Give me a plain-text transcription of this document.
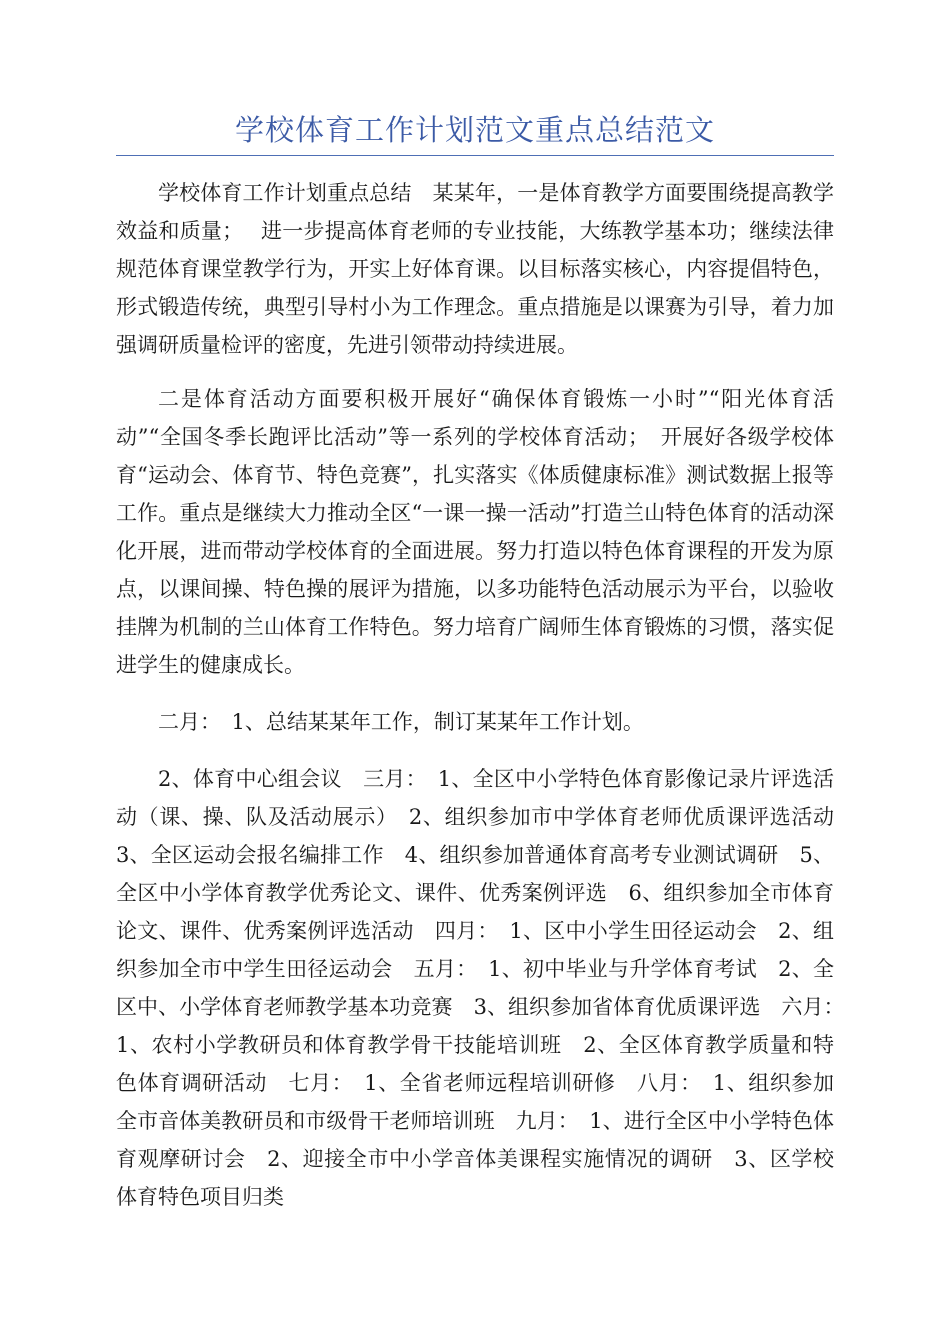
学校体育工作计划范文重点总结范文

学校体育工作计划重点总结　某某年，一是体育教学方面要围绕提高教学效益和质量；　 进一步提高体育老师的专业技能，大练教学基本功；继续法律规范体育课堂教学行为，开实上好体育课。以目标落实核心，内容提倡特色，形式锻造传统，典型引导村小为工作理念。重点措施是以课赛为引导，着力加强调研质量检评的密度，先进引领带动持续进展。

二是体育活动方面要积极开展好“确保体育锻炼一小时”“阳光体育活动”“全国冬季长跑评比活动”等一系列的学校体育活动；　开展好各级学校体育“运动会、体育节、特色竞赛”，扎实落实《体质健康标准》测试数据上报等工作。重点是继续大力推动全区“一课一操一活动”打造兰山特色体育的活动深化开展，进而带动学校体育的全面进展。努力打造以特色体育课程的开发为原点，以课间操、特色操的展评为措施，以多功能特色活动展示为平台，以验收挂牌为机制的兰山体育工作特色。努力培育广阔师生体育锻炼的习惯，落实促进学生的健康成长。

二月：　1、总结某某年工作，制订某某年工作计划。

2、体育中心组会议　三月：　1、全区中小学特色体育影像记录片评选活动（课、操、队及活动展示）　2、组织参加市中学体育老师优质课评选活动　3、全区运动会报名编排工作　4、组织参加普通体育高考专业测试调研　5、全区中小学体育教学优秀论文、课件、优秀案例评选　6、组织参加全市体育论文、课件、优秀案例评选活动　四月：　1、区中小学生田径运动会　2、组织参加全市中学生田径运动会　五月：　1、初中毕业与升学体育考试　2、全区中、小学体育老师教学基本功竞赛　3、组织参加省体育优质课评选　六月：　1、农村小学教研员和体育教学骨干技能培训班　2、全区体育教学质量和特色体育调研活动　七月：　1、全省老师远程培训研修　八月：　1、组织参加全市音体美教研员和市级骨干老师培训班　九月：　1、进行全区中小学特色体育观摩研讨会　2、迎接全市中小学音体美课程实施情况的调研　3、区学校体育特色项目归类
